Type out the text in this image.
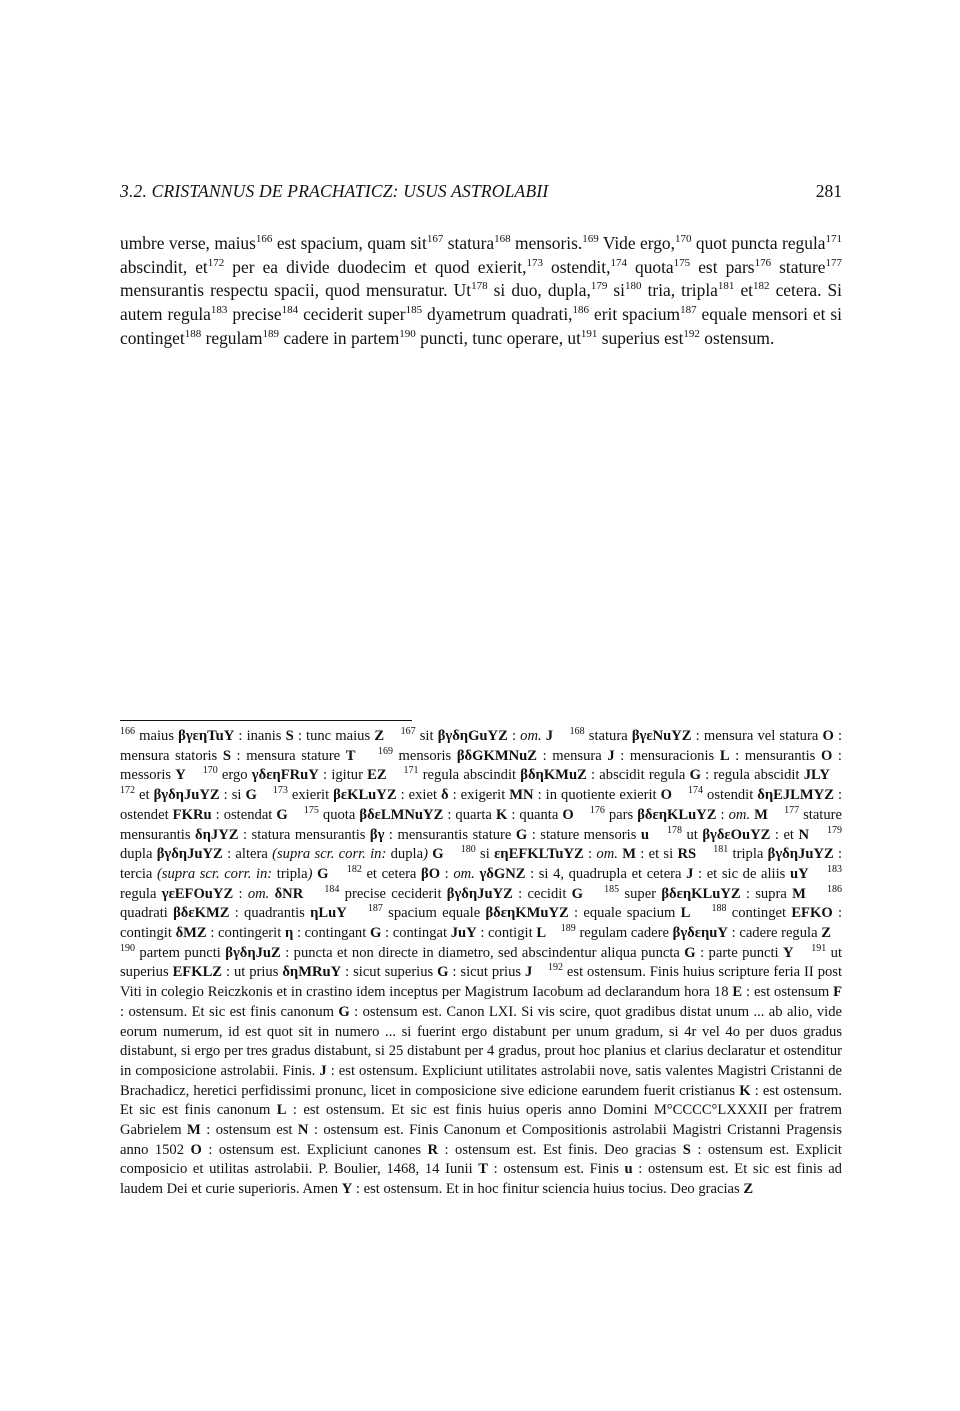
3.2. CRISTANNUS DE PRACHATICZ: USUS ASTROLABII	281

umbre verse, maius$^{166}$ est spacium, quam sit$^{167}$ statura$^{168}$ mensoris.$^{169}$ Vide ergo,$^{170}$ quot puncta regula$^{171}$ abscindit, $et^{172}$ per ea divide duodecim et quod exierit,$^{173}$ ostendit,$^{174}$ quota$^{175}$ est pars$^{176}$ stature$^{177}$ mensurantis respectu spacii, quod mensuratur. Ut$^{178}$ si duo, dupla,$^{179}$ $si^{180}$ tria, tripla$^{181}$ $et^{182}$ cetera. Si autem regula$^{183}$ precise$^{184}$ ceciderit super$^{185}$ dyametrum quadrati,$^{186}$ erit spacium$^{187}$ equale mensori et si continget$^{188}$ regulam$^{189}$ cadere in partem$^{190}$ puncti, tunc operare, $ut^{191}$ superius est$^{192}$ ostensum.

$^{166}$ maius βγεηTuY : inanis S : tunc maius Z $^{167}$ sit βγδηGuYZ : om. J $^{168}$ statura βγεNuYZ : mensura vel statura O : mensura statoris S : mensura stature T $^{169}$ mensoris βδGKMNuZ : mensura J : mensuracionis L : mensurantis O : messoris Y $^{170}$ ergo γδεηFRuY : igitur EZ $^{171}$ regula abscindit βδηKMuZ : abscidit regula G : regula abscidit JLY    $^{172}$ et βγδηJuYZ : si G $^{173}$ exierit βεKLuYZ : exiet δ : exigerit MN : in quotiente exierit O $^{174}$ ostendit δηEJLMYZ : ostendet FKRu : ostendat G $^{175}$ quota βδεLMNuYZ : quarta K : quanta O $^{176}$ pars βδεηKLuYZ : om. M $^{177}$ stature mensurantis δηJYZ : statura mensurantis βγ : mensurantis stature G : stature mensoris u $^{178}$ ut βγδεOuYZ : et N $^{179}$ dupla βγδηJuYZ : altera (supra scr. corr. in: dupla) G $^{180}$ si εηEFKLTuYZ : om. M : et si RS $^{181}$ tripla βγδηJuYZ : tercia (supra scr. corr. in: tripla) G $^{182}$ et cetera βO : om. γδGNZ : si 4, quadrupla et cetera J : et sic de aliis uY $^{183}$ regula γεEFOuYZ : om. δNR $^{184}$ precise ceciderit βγδηJuYZ : cecidit G $^{185}$ super βδεηKLuYZ : supra M $^{186}$ quadrati βδεKMZ : quadrantis ηLuY $^{187}$ spacium equale βδεηKMuYZ : equale spacium L $^{188}$ continget EFKO : contingit δMZ : contingerit η : contingant G : contingat JuY : contigit L $^{189}$ regulam cadere βγδεηuY : cadere regula Z    $^{190}$ partem puncti βγδηJuZ : puncta et non directe in diametro, sed abscindentur aliqua puncta G : parte puncti Y $^{191}$ ut superius EFKLZ : ut prius δηMRuY : sicut superius G : sicut prius J $^{192}$ est ostensum. Finis huius scripture feria II post Viti in colegio Reiczkonis et in crastino idem inceptus per Magistrum Iacobum ad declarandum hora 18 E : est ostensum F : ostensum. Et sic est finis canonum G : ostensum est. Canon LXI. Si vis scire, quot gradibus distat unum ... ab alio, vide eorum numerum, id est quot sit in numero ... si fuerint ergo distabunt per unum gradum, si 4r vel 4o per duos gradus distabunt, si ergo per tres gradus distabunt, si 25 distabunt per 4 gradus, prout hoc planius et clarius declaratur et ostenditur in composicione astrolabii. Finis. J : est ostensum. Expliciunt utilitates astrolabii nove, satis valentes Magistri Cristanni de Brachadicz, heretici perfidissimi pronunc, licet in composicione sive edicione earundem fuerit cristianus K : est ostensum. Et sic est finis canonum L : est ostensum. Et sic est finis huius operis anno Domini M°CCCC°LXXXII per fratrem Gabrielem M : ostensum est N : ostensum est. Finis Canonum et Compositionis astrolabii Magistri Cristanni Pragensis anno 1502 O : ostensum est. Expliciunt canones R : ostensum est. Est finis. Deo gracias S : ostensum est. Explicit composicio et utilitas astrolabii. P. Boulier, 1468, 14 Iunii T : ostensum est. Finis u : ostensum est. Et sic est finis ad laudem Dei et curie superioris. Amen Y : est ostensum. Et in hoc finitur sciencia huius tocius. Deo gracias Z
